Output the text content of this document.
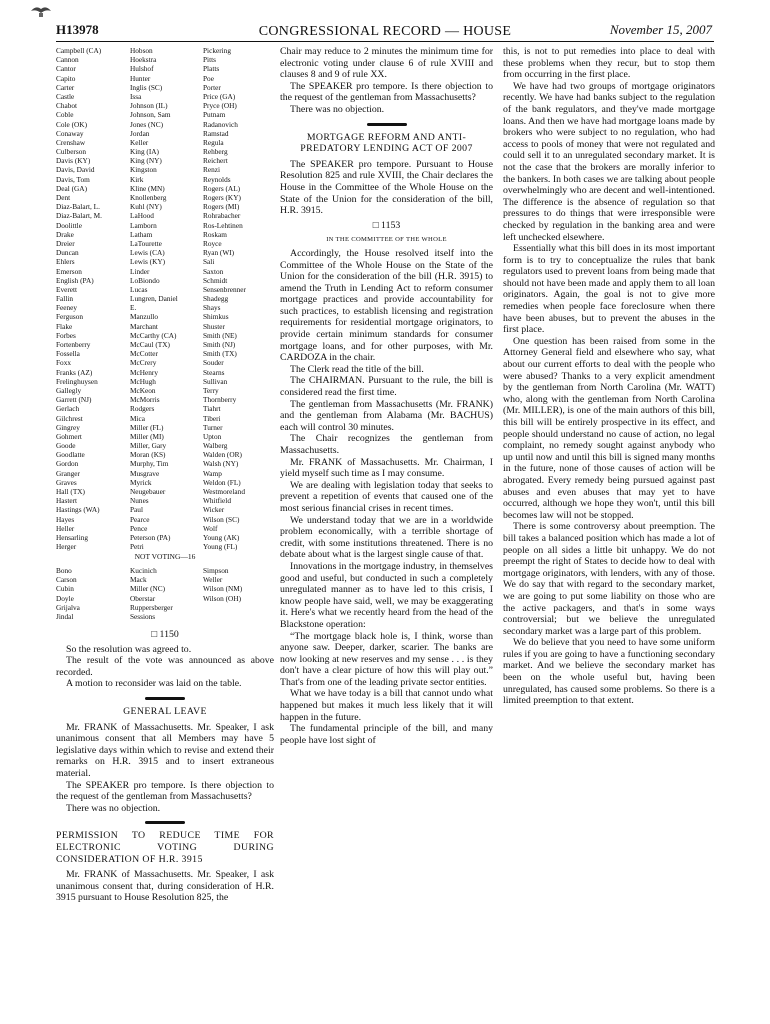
H13978	CONGRESSIONAL RECORD — HOUSE	November 15, 2007
Campbell (CA)
Cannon
Cantor
Capito
Carter
Castle
Chabot
Coble
Cole (OK)
Conaway
Crenshaw
Culberson
Davis (KY)
Davis, David
Davis, Tom
Deal (GA)
Dent
Diaz-Balart, L.
Diaz-Balart, M.
Doolittle
Drake
Dreier
Duncan
Ehlers
Emerson
English (PA)
Everett
Fallin
Feeney
Ferguson
Flake
Forbes
Fortenberry
Fossella
Foxx
Franks (AZ)
Frelinghuysen
Gallegly
Garrett (NJ)
Gerlach
Gilchrest
Gingrey
Gohmert
Goode
Goodlatte
Gordon
Granger
Graves
Hall (TX)
Hastert
Hastings (WA)
Hayes
Heller
Hensarling
Herger
Hobson
Hoekstra
Hulshof
Hunter
Inglis (SC)
Issa
Johnson (IL)
Johnson, Sam
Jones (NC)
Jordan
Keller
King (IA)
King (NY)
Kingston
Kirk
Kline (MN)
Knollenberg
Kuhl (NY)
LaHood
Lamborn
Latham
LaTourette
Lewis (CA)
Lewis (KY)
Linder
LoBiondo
Lucas
Lungren, Daniel
E.
Manzullo
Marchant
McCarthy (CA)
McCaul (TX)
McCotter
McCrery
McHenry
McHugh
McKeon
McMorris
Rodgers
Mica
Miller (FL)
Miller (MI)
Miller, Gary
Moran (KS)
Murphy, Tim
Musgrave
Myrick
Neugebauer
Nunes
Paul
Pearce
Pence
Peterson (PA)
Petri
Pickering
Pitts
Platts
Poe
Porter
Price (GA)
Pryce (OH)
Putnam
Radanovich
Ramstad
Regula
Rehberg
Reichert
Renzi
Reynolds
Rogers (AL)
Rogers (KY)
Rogers (MI)
Rohrabacher
Ros-Lehtinen
Roskam
Royce
Ryan (WI)
Sali
Saxton
Schmidt
Sensenbrenner
Shadegg
Shays
Shimkus
Shuster
Smith (NE)
Smith (NJ)
Smith (TX)
Souder
Stearns
Sullivan
Terry
Thornberry
Tiahrt
Tiberi
Turner
Upton
Walberg
Walden (OR)
Walsh (NY)
Wamp
Weldon (FL)
Westmoreland
Whitfield
Wicker
Wilson (SC)
Wolf
Young (AK)
Young (FL)
NOT VOTING—16
Bono
Carson
Cubin
Doyle
Grijalva
Jindal
Kucinich
Mack
Miller (NC)
Oberstar
Ruppersberger
Sessions
Simpson
Weller
Wilson (NM)
Wilson (OH)

□ 1150

So the resolution was agreed to.

The result of the vote was announced as above recorded.

A motion to reconsider was laid on the table.

GENERAL LEAVE

Mr. FRANK of Massachusetts. Mr. Speaker, I ask unanimous consent that all Members may have 5 legislative days within which to revise and extend their remarks on H.R. 3915 and to insert extraneous material.

The SPEAKER pro tempore. Is there objection to the request of the gentleman from Massachusetts?

There was no objection.

PERMISSION TO REDUCE TIME FOR ELECTRONIC VOTING DURING CONSIDERATION OF H.R. 3915

Mr. FRANK of Massachusetts. Mr. Speaker, I ask unanimous consent that, during consideration of H.R. 3915 pursuant to House Resolution 825, the

Chair may reduce to 2 minutes the minimum time for electronic voting under clause 6 of rule XVIII and clauses 8 and 9 of rule XX.

The SPEAKER pro tempore. Is there objection to the request of the gentleman from Massachusetts?

There was no objection.

MORTGAGE REFORM AND ANTI-PREDATORY LENDING ACT OF 2007

The SPEAKER pro tempore. Pursuant to House Resolution 825 and rule XVIII, the Chair declares the House in the Committee of the Whole House on the State of the Union for the consideration of the bill, H.R. 3915.

□ 1153

IN THE COMMITTEE OF THE WHOLE

Accordingly, the House resolved itself into the Committee of the Whole House on the State of the Union for the consideration of the bill (H.R. 3915) to amend the Truth in Lending Act to reform consumer mortgage practices and provide accountability for such practices, to establish licensing and registration requirements for residential mortgage originators, to provide certain minimum standards for consumer mortgage loans, and for other purposes, with Mr. CARDOZA in the chair.

The Clerk read the title of the bill.

The CHAIRMAN. Pursuant to the rule, the bill is considered read the first time.

The gentleman from Massachusetts (Mr. FRANK) and the gentleman from Alabama (Mr. BACHUS) each will control 30 minutes.

The Chair recognizes the gentleman from Massachusetts.

Mr. FRANK of Massachusetts. Mr. Chairman, I yield myself such time as I may consume.

We are dealing with legislation today that seeks to prevent a repetition of events that caused one of the most serious financial crises in recent times.

We understand today that we are in a worldwide problem economically, with a terrible shortage of credit, with some institutions threatened. There is no debate about what is the largest single cause of that.

Innovations in the mortgage industry, in themselves good and useful, but conducted in such a completely unregulated manner as to have led to this crisis, I know people have said, well, we may be exaggerating it. Here's what we recently heard from the head of the Blackstone operation:

“The mortgage black hole is, I think, worse than anyone saw. Deeper, darker, scarier. The banks are now looking at new reserves and my sense . . . is they don't have a clear picture of how this will play out.” That's from one of the leading private sector entities.

What we have today is a bill that cannot undo what happened but makes it much less likely that it will happen in the future.

The fundamental principle of the bill, and many people have lost sight of

this, is not to put remedies into place to deal with these problems when they recur, but to stop them from occurring in the first place.

We have had two groups of mortgage originators recently. We have had banks subject to the regulation of the bank regulators, and they've made mortgage loans. And then we have had mortgage loans made by brokers who were subject to no regulation, who had access to pools of money that were not regulated and could sell it to an unregulated secondary market. It is not the case that the brokers are morally inferior to the bankers. In both cases we are talking about people overwhelmingly who are decent and well-intentioned. The difference is the absence of regulation so that pressures to do things that were irresponsible were checked by regulation in the banking area and were left unchecked elsewhere.

Essentially what this bill does in its most important form is to try to conceptualize the rules that bank regulators used to prevent loans from being made that should not have been made and apply them to all loan originators. Again, the goal is not to give more remedies when people face foreclosure when there have been abuses, but to prevent the abuses in the first place.

One question has been raised from some in the Attorney General field and elsewhere who say, what about our current efforts to deal with the people who were abused? Thanks to a very explicit amendment by the gentleman from North Carolina (Mr. WATT) who, along with the gentleman from North Carolina (Mr. MILLER), is one of the main authors of this bill, this bill will be entirely prospective in its effect, and people should understand no cause of action, no legal complaint, no remedy sought against anybody who up until now and until this bill is signed many months in the future, none of those causes of action will be abrogated. Every remedy being pursued against past abuses and even abuses that may yet to have occurred, although we hope they won't, until this bill becomes law will not be stopped.

There is some controversy about preemption. The bill takes a balanced position which has made a lot of people on all sides a little bit unhappy. We do not preempt the right of States to decide how to deal with mortgage originators, with lenders, with any of those. We do say that with regard to the secondary market, we are going to put some liability on those who are the active packagers, and that's in some ways controversial; but we believe the unregulated secondary market was a large part of this problem.

We do believe that you need to have some uniform rules if you are going to have a functioning secondary market. And we believe the secondary market has been on the whole useful but, having been unregulated, has caused some problems. So there is a limited preemption to that extent.
